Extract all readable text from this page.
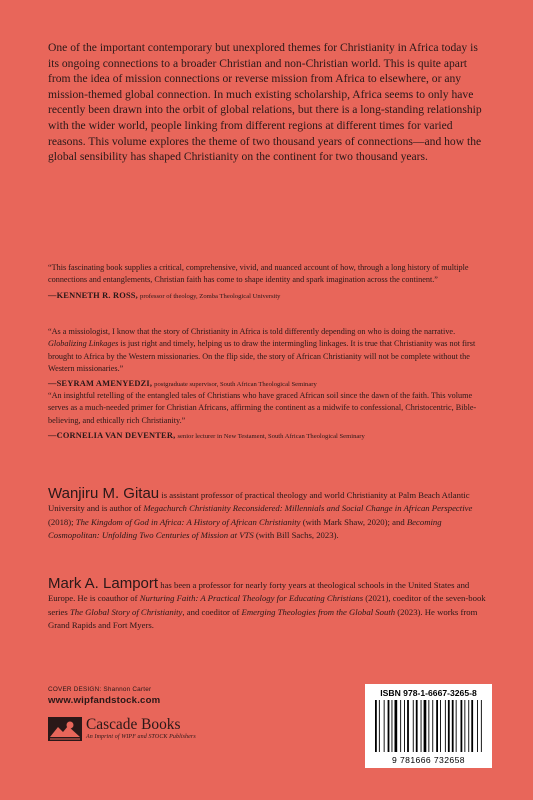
One of the important contemporary but unexplored themes for Christianity in Africa today is its ongoing connections to a broader Christian and non-Christian world. This is quite apart from the idea of mission connections or reverse mission from Africa to elsewhere, or any mission-themed global connection. In much existing scholarship, Africa seems to only have recently been drawn into the orbit of global relations, but there is a long-standing relationship with the wider world, people linking from different regions at different times for varied reasons. This volume explores the theme of two thousand years of connections—and how the global sensibility has shaped Christianity on the continent for two thousand years.

“This fascinating book supplies a critical, comprehensive, vivid, and nuanced account of how, through a long history of multiple connections and entanglements, Christian faith has come to shape identity and spark imagination across the continent.”

—KENNETH R. ROSS, professor of theology, Zomba Theological University

“As a missiologist, I know that the story of Christianity in Africa is told differently depending on who is doing the narrative. Globalizing Linkages is just right and timely, helping us to draw the intermingling linkages. It is true that Christianity was not first brought to Africa by the Western missionaries. On the flip side, the story of African Christianity will not be complete without the Western missionaries.”

—SEYRAM AMENYEDZI, postgraduate supervisor, South African Theological Seminary

“An insightful retelling of the entangled tales of Christians who have graced African soil since the dawn of the faith. This volume serves as a much-needed primer for Christian Africans, affirming the continent as a midwife to confessional, Christocentric, Bible-believing, and ethically rich Christianity.”

—CORNELIA VAN DEVENTER, senior lecturer in New Testament, South African Theological Seminary

Wanjiru M. Gitau is assistant professor of practical theology and world Christianity at Palm Beach Atlantic University and is author of Megachurch Christianity Reconsidered: Millennials and Social Change in African Perspective (2018); The Kingdom of God in Africa: A History of African Christianity (with Mark Shaw, 2020); and Becoming Cosmopolitan: Unfolding Two Centuries of Mission at VTS (with Bill Sachs, 2023).

Mark A. Lamport has been a professor for nearly forty years at theological schools in the United States and Europe. He is coauthor of Nurturing Faith: A Practical Theology for Educating Christians (2021), coeditor of the seven-book series The Global Story of Christianity, and coeditor of Emerging Theologies from the Global South (2023). He works from Grand Rapids and Fort Myers.

COVER DESIGN: Shannon Carter
www.wipfandstock.com
Cascade Books
An Imprint of WIPF and STOCK Publishers
ISBN 978-1-6667-3265-8
9 781666 732658
